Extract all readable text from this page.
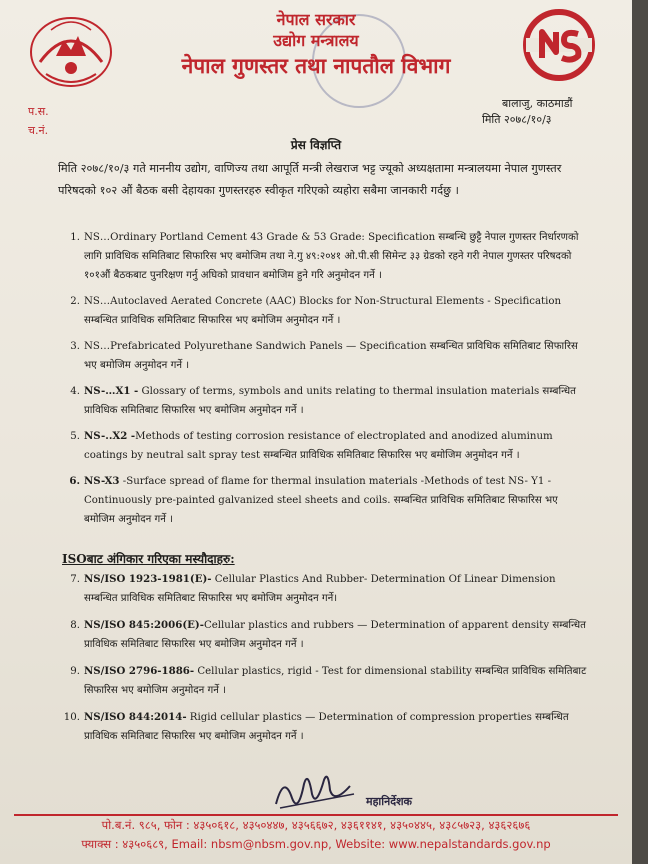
नेपाल सरकार
उद्योग मन्त्रालय
नेपाल गुणस्तर तथा नापतौल विभाग
प.स.
च.नं.
बालाजु, काठमाडौं
मिति २०७८/१०/३
प्रेस विज्ञप्ति
मिति २०७८/१०/३ गते माननीय उद्योग, वाणिज्य तथा आपूर्ति मन्त्री लेखराज भट्ट ज्यूको अध्यक्षतामा मन्त्रालयमा नेपाल गुणस्तर परिषदको १०२ औं बैठक बसी देहायका गुणस्तरहरु स्वीकृत गरिएको व्यहोरा सबैमा जानकारी गर्दछु ।
1. NS…Ordinary Portland Cement 43 Grade & 53 Grade: Specification सम्बन्धि छुट्टै नेपाल गुणस्तर निर्धारणको लागि प्राविधिक समितिबाट सिफारिस भए बमोजिम तथा ने.गु ४९:२०४१ ओ.पी.सी सिमेन्ट ३३ ग्रेडको रहने गरी नेपाल गुणस्तर परिषदको १०१औं बैठकबाट पुनरिक्षण गर्नु अघिको प्रावधान बमोजिम हुने गरि अनुमोदन गर्ने ।
2. NS…Autoclaved Aerated Concrete (AAC) Blocks for Non-Structural Elements - Specification सम्बन्धित प्राविधिक समितिबाट सिफारिस भए बमोजिम अनुमोदन गर्ने ।
3. NS…Prefabricated Polyurethane Sandwich Panels — Specification सम्बन्धित प्राविधिक समितिबाट सिफारिस भए बमोजिम अनुमोदन गर्ने ।
4. NS-…X1 - Glossary of terms, symbols and units relating to thermal insulation materials सम्बन्धित प्राविधिक समितिबाट सिफारिस भए बमोजिम अनुमोदन गर्ने ।
5. NS-..X2 -Methods of testing corrosion resistance of electroplated and anodized aluminum coatings by neutral salt spray test सम्बन्धित प्राविधिक समितिबाट सिफारिस भए बमोजिम अनुमोदन गर्ने ।
6. NS-X3 -Surface spread of flame for thermal insulation materials -Methods of test NS- Y1 - Continuously pre-painted galvanized steel sheets and coils. सम्बन्धित प्राविधिक समितिबाट सिफारिस भए बमोजिम अनुमोदन गर्ने ।
ISOबाट अंगिकार गरिएका मस्यौदाहरु:
7. NS/ISO 1923-1981(E)- Cellular Plastics And Rubber- Determination Of Linear Dimension सम्बन्धित प्राविधिक समितिबाट सिफारिस भए बमोजिम अनुमोदन गर्ने।
8. NS/ISO 845:2006(E)-Cellular plastics and rubbers — Determination of apparent density सम्बन्धित प्राविधिक समितिबाट सिफारिस भए बमोजिम अनुमोदन गर्ने ।
9. NS/ISO 2796-1886- Cellular plastics, rigid - Test for dimensional stability सम्बन्धित प्राविधिक समितिबाट सिफारिस भए बमोजिम अनुमोदन गर्ने ।
10. NS/ISO 844:2014- Rigid cellular plastics — Determination of compression properties सम्बन्धित प्राविधिक समितिबाट सिफारिस भए बमोजिम अनुमोदन गर्ने ।
महानिर्देशक
पो.ब.नं. ९८५, फोन : ४३५०६१८, ४३५०४४७, ४३५६६७२, ४३६११४१, ४३५०४४५, ४३८५७२३, ४३६२६७६
फ्याक्स : ४३५०६८९, Email: nbsm@nbsm.gov.np, Website: www.nepalstandards.gov.np
